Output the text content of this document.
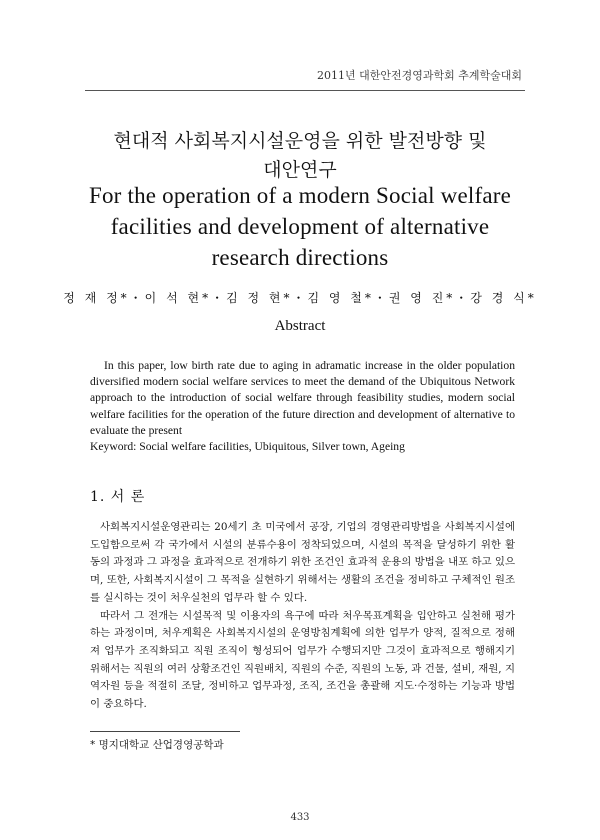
2011년 대한안전경영과학회 추계학술대회
현대적 사회복지시설운영을 위한 발전방향 및
대안연구
For the operation of a modern Social welfare
facilities and development of alternative
research directions
정 재 정*・이 석 현*・김 정 현*・김 영 철*・권 영 진*・강 경 식*
Abstract

In this paper, low birth rate due to aging in adramatic increase in the older population diversified modern social welfare services to meet the demand of the Ubiquitous Network approach to the introduction of social welfare through feasibility studies, modern social welfare facilities for the operation of the future direction and development of alternative to evaluate the present

Keyword: Social welfare facilities, Ubiquitous, Silver town, Ageing

1. 서 론

사회복지시설운영관리는 20세기 초 미국에서 공장, 기업의 경영관리방법을 사회복지시설에 도입함으로써 각 국가에서 시설의 분류수용이 정착되었으며, 시설의 목적을 달성하기 위한 활동의 과정과 그 과정을 효과적으로 전개하기 위한 조건인 효과적 운용의 방법을 내포 하고 있으며, 또한, 사회복지시설이 그 목적을 실현하기 위해서는 생활의 조건을 정비하고 구체적인 원조를 실시하는 것이 처우실천의 업무라 할 수 있다.

따라서 그 전개는 시설목적 및 이용자의 욕구에 따라 처우목표계획을 입안하고 실천해 평가하는 과정이며, 처우계획은 사회복지시설의 운영방침계획에 의한 업무가 양적, 질적으로 정해져 업무가 조직화되고 직원 조직이 형성되어 업무가 수행되지만 그것이 효과적으로 행해지기 위해서는 직원의 여러 상황조건인 직원배치, 직원의 수준, 직원의 노동, 과 건물, 설비, 재원, 지역자원 등을 적절히 조달, 정비하고 업무과정, 조직, 조건을 총괄해 지도·수정하는 기능과 방법이 중요하다.

* 명지대학교 산업경영공학과
433
